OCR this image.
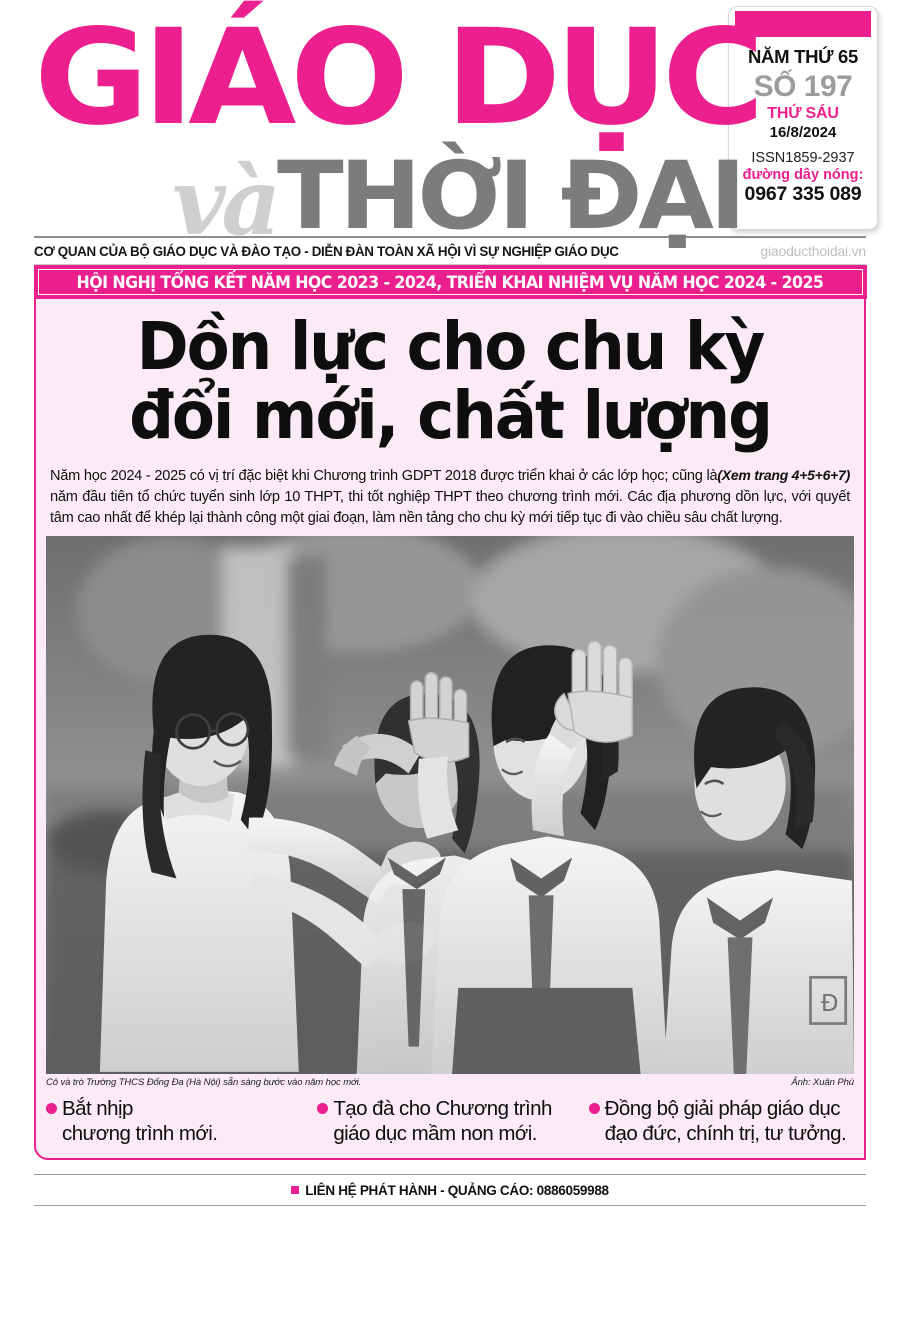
GIÁO DỤC
vàTHỜI ĐẠI
NĂM THỨ 65
SỐ 197
THỨ SÁU
16/8/2024
ISSN1859-2937
đường dây nóng:
0967 335 089
CƠ QUAN CỦA BỘ GIÁO DỤC VÀ ĐÀO TẠO - DIỄN ĐÀN TOÀN XÃ HỘI VÌ SỰ NGHIỆP GIÁO DỤC	giaoducthoidai.vn
HỘI NGHỊ TỔNG KẾT NĂM HỌC 2023 - 2024, TRIỂN KHAI NHIỆM VỤ NĂM HỌC 2024 - 2025
Dồn lực cho chu kỳ
đổi mới, chất lượng
(Xem trang 4+5+6+7)
Năm học 2024 - 2025 có vị trí đặc biệt khi Chương trình GDPT 2018 được triển khai ở các lớp học; cũng là năm đầu tiên tổ chức tuyển sinh lớp 10 THPT, thi tốt nghiệp THPT theo chương trình mới. Các địa phương dồn lực, với quyết tâm cao nhất để khép lại thành công một giai đoạn, làm nền tảng cho chu kỳ mới tiếp tục đi vào chiều sâu chất lượng.
Đ
Cô và trò Trường THCS Đống Đa (Hà Nội) sẵn sàng bước vào năm học mới.	Ảnh: Xuân Phú
Bắt nhịp
chương trình mới.
Tạo đà cho Chương trình
giáo dục mầm non mới.
Đồng bộ giải pháp giáo dục
đạo đức, chính trị, tư tưởng.
LIÊN HỆ PHÁT HÀNH - QUẢNG CÁO: 0886059988
